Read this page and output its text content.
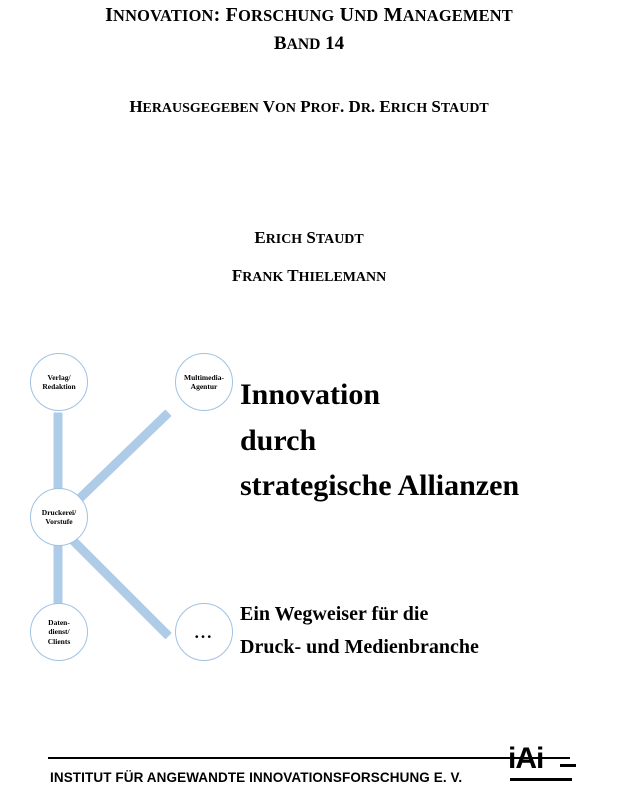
INNOVATION: FORSCHUNG UND MANAGEMENT
BAND 14
HERAUSGEGEBEN VON PROF. DR. ERICH STAUDT
ERICH STAUDT
FRANK THIELEMANN
Verlag/
Redaktion
Multimedia-
Agentur
Druckerei/
Vorstufe
Daten-
dienst/
Clients	...
Innovation
durch
strategische Allianzen
Ein Wegweiser für die
Druck- und Medienbranche
INSTITUT FÜR ANGEWANDTE INNOVATIONSFORSCHUNG E. V.
iAi
